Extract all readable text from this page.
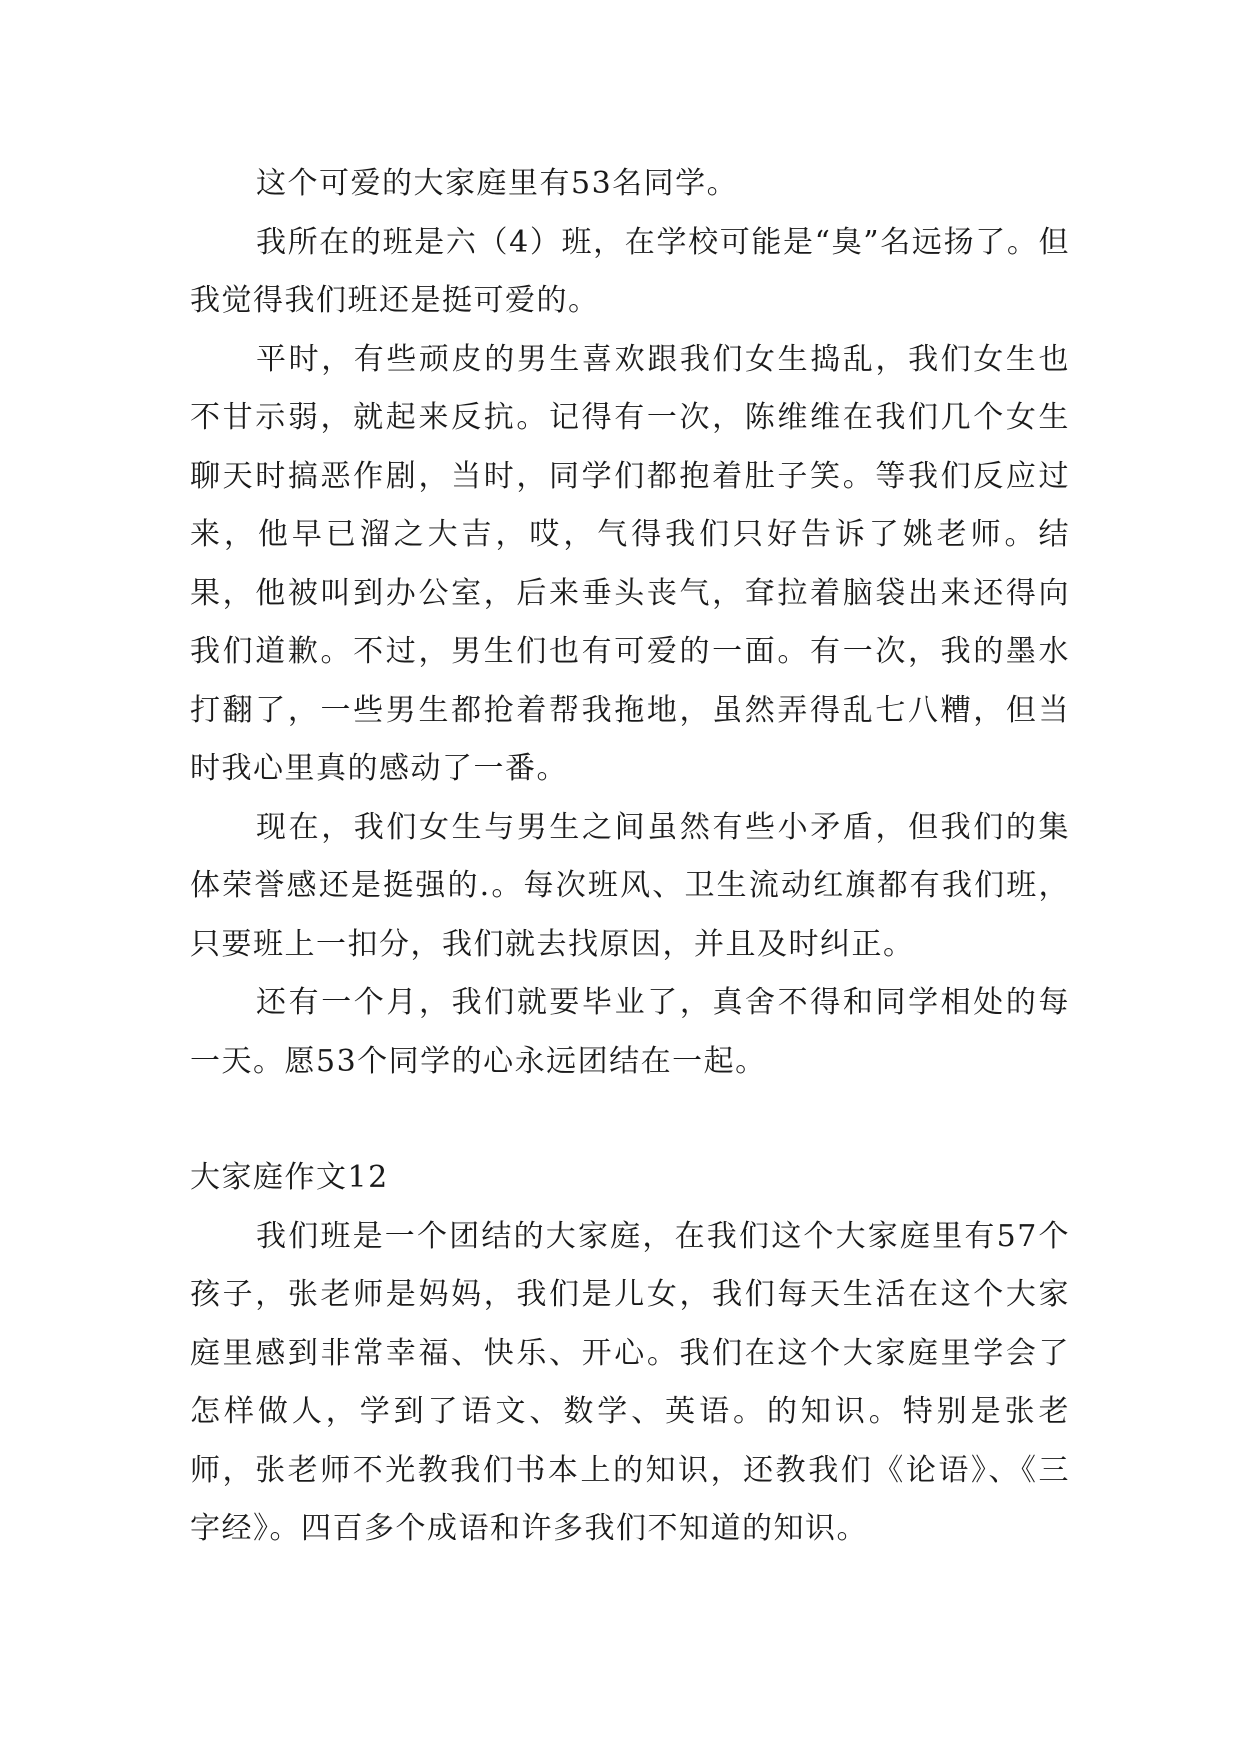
这个可爱的大家庭里有53名同学。

我所在的班是六（4）班，在学校可能是“臭”名远扬了。但我觉得我们班还是挺可爱的。

平时，有些顽皮的男生喜欢跟我们女生捣乱，我们女生也不甘示弱，就起来反抗。记得有一次，陈维维在我们几个女生聊天时搞恶作剧，当时，同学们都抱着肚子笑。等我们反应过来，他早已溜之大吉，哎，气得我们只好告诉了姚老师。结果，他被叫到办公室，后来垂头丧气，耷拉着脑袋出来还得向我们道歉。不过，男生们也有可爱的一面。有一次，我的墨水打翻了，一些男生都抢着帮我拖地，虽然弄得乱七八糟，但当时我心里真的感动了一番。

现在，我们女生与男生之间虽然有些小矛盾，但我们的集体荣誉感还是挺强的.。每次班风、卫生流动红旗都有我们班，只要班上一扣分，我们就去找原因，并且及时纠正。

还有一个月，我们就要毕业了，真舍不得和同学相处的每一天。愿53个同学的心永远团结在一起。

大家庭作文12

我们班是一个团结的大家庭，在我们这个大家庭里有57个孩子，张老师是妈妈，我们是儿女，我们每天生活在这个大家庭里感到非常幸福、快乐、开心。我们在这个大家庭里学会了怎样做人，学到了语文、数学、英语。的知识。特别是张老师，张老师不光教我们书本上的知识，还教我们《论语》、《三字经》。四百多个成语和许多我们不知道的知识。
